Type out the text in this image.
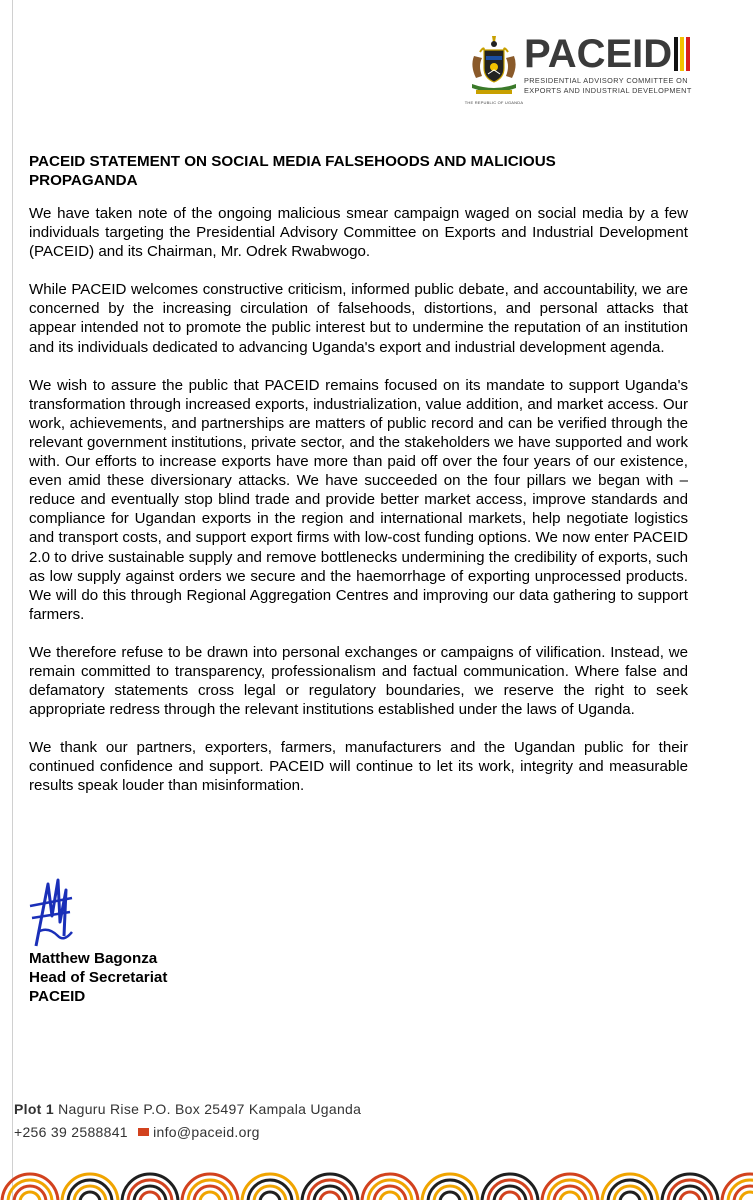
THE REPUBLIC OF UGANDA
PACEID
PRESIDENTIAL ADVISORY COMMITTEE ON
EXPORTS AND INDUSTRIAL DEVELOPMENT
PACEID STATEMENT ON SOCIAL MEDIA FALSEHOODS AND MALICIOUS
PROPAGANDA

We have taken note of the ongoing malicious smear campaign waged on social media by a few individuals targeting the Presidential Advisory Committee on Exports and Industrial Development (PACEID) and its Chairman, Mr. Odrek Rwabwogo.

While PACEID welcomes constructive criticism, informed public debate, and accountability, we are concerned by the increasing circulation of falsehoods, distortions, and personal attacks that appear intended not to promote the public interest but to undermine the reputation of an institution and its individuals dedicated to advancing Uganda's export and industrial development agenda.

We wish to assure the public that PACEID remains focused on its mandate to support Uganda's transformation through increased exports, industrialization, value addition, and market access. Our work, achievements, and partnerships are matters of public record and can be verified through the relevant government institutions, private sector, and the stakeholders we have supported and work with. Our efforts to increase exports have more than paid off over the four years of our existence, even amid these diversionary attacks. We have succeeded on the four pillars we began with – reduce and eventually stop blind trade and provide better market access, improve standards and compliance for Ugandan exports in the region and international markets, help negotiate logistics and transport costs, and support export firms with low-cost funding options. We now enter PACEID 2.0 to drive sustainable supply and remove bottlenecks undermining the credibility of exports, such as low supply against orders we secure and the haemorrhage of exporting unprocessed products. We will do this through Regional Aggregation Centres and improving our data gathering to support farmers.

We therefore refuse to be drawn into personal exchanges or campaigns of vilification. Instead, we remain committed to transparency, professionalism and factual communication. Where false and defamatory statements cross legal or regulatory boundaries, we reserve the right to seek appropriate redress through the relevant institutions established under the laws of Uganda.

We thank our partners, exporters, farmers, manufacturers and the Ugandan public for their continued confidence and support. PACEID will continue to let its work, integrity and measurable results speak louder than misinformation.

Matthew Bagonza
Head of Secretariat
PACEID
Plot 1 Naguru Rise P.O. Box 25497 Kampala Uganda
+256 39 2588841 info@paceid.org
